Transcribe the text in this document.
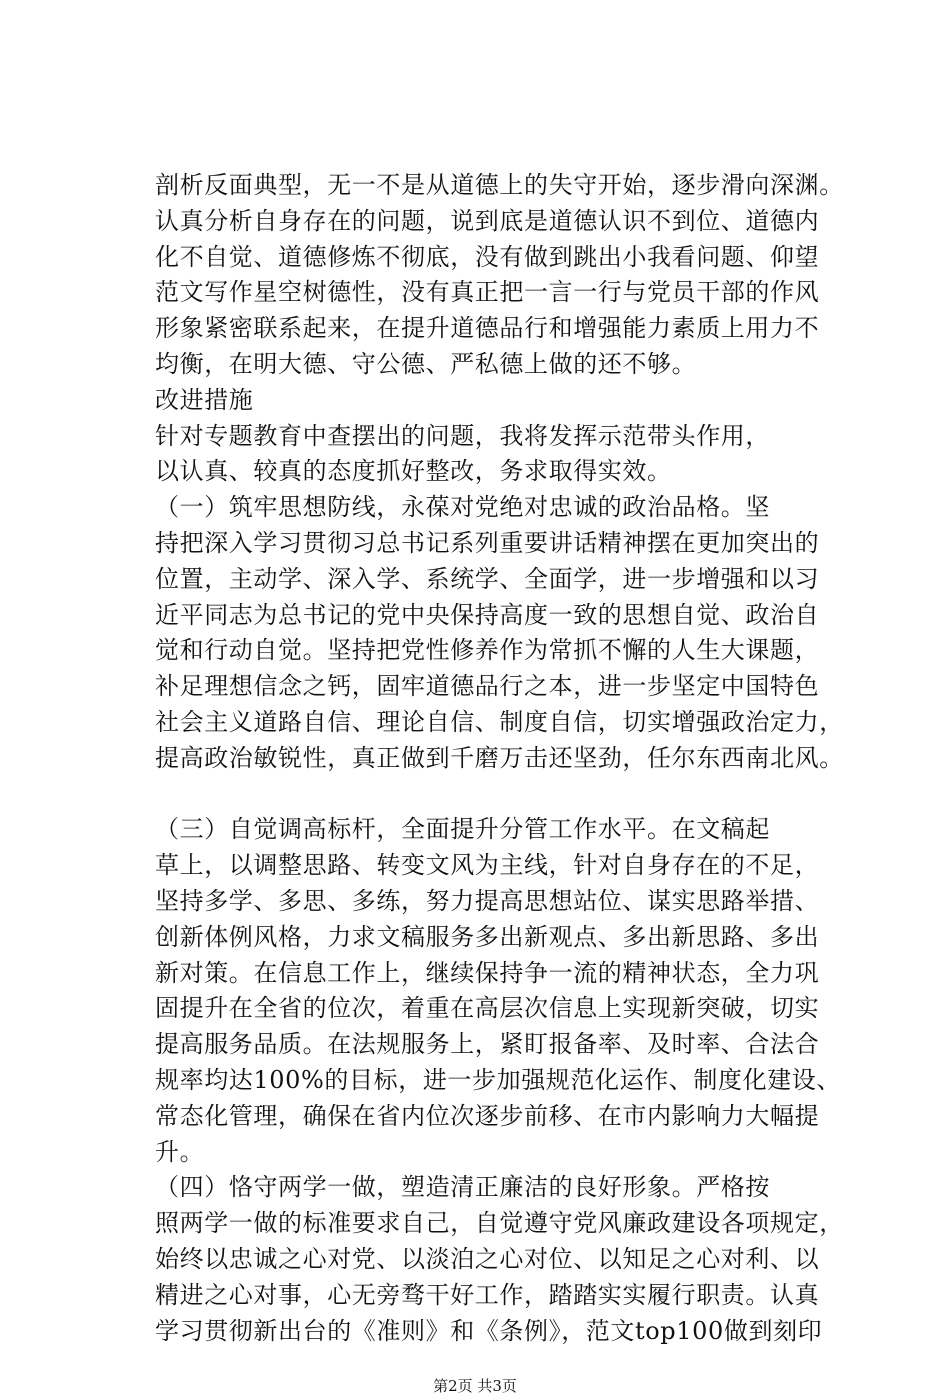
剖析反面典型，无一不是从道德上的失守开始，逐步滑向深渊。
认真分析自身存在的问题，说到底是道德认识不到位、道德内
化不自觉、道德修炼不彻底，没有做到跳出小我看问题、仰望
范文写作星空树德性，没有真正把一言一行与党员干部的作风
形象紧密联系起来，在提升道德品行和增强能力素质上用力不
均衡，在明大德、守公德、严私德上做的还不够。
改进措施
针对专题教育中查摆出的问题，我将发挥示范带头作用，
以认真、较真的态度抓好整改，务求取得实效。
（一）筑牢思想防线，永葆对党绝对忠诚的政治品格。坚
持把深入学习贯彻习总书记系列重要讲话精神摆在更加突出的
位置，主动学、深入学、系统学、全面学，进一步增强和以习
近平同志为总书记的党中央保持高度一致的思想自觉、政治自
觉和行动自觉。坚持把党性修养作为常抓不懈的人生大课题，
补足理想信念之钙，固牢道德品行之本，进一步坚定中国特色
社会主义道路自信、理论自信、制度自信，切实增强政治定力，
提高政治敏锐性，真正做到千磨万击还坚劲，任尔东西南北风。
（三）自觉调高标杆，全面提升分管工作水平。在文稿起
草上，以调整思路、转变文风为主线，针对自身存在的不足，
坚持多学、多思、多练，努力提高思想站位、谋实思路举措、
创新体例风格，力求文稿服务多出新观点、多出新思路、多出
新对策。在信息工作上，继续保持争一流的精神状态，全力巩
固提升在全省的位次，着重在高层次信息上实现新突破，切实
提高服务品质。在法规服务上，紧盯报备率、及时率、合法合
规率均达100%的目标，进一步加强规范化运作、制度化建设、
常态化管理，确保在省内位次逐步前移、在市内影响力大幅提
升。
（四）恪守两学一做，塑造清正廉洁的良好形象。严格按
照两学一做的标准要求自己，自觉遵守党风廉政建设各项规定，
始终以忠诚之心对党、以淡泊之心对位、以知足之心对利、以
精进之心对事，心无旁骛干好工作，踏踏实实履行职责。认真
学习贯彻新出台的《准则》和《条例》，范文top100做到刻印
第2页 共3页
